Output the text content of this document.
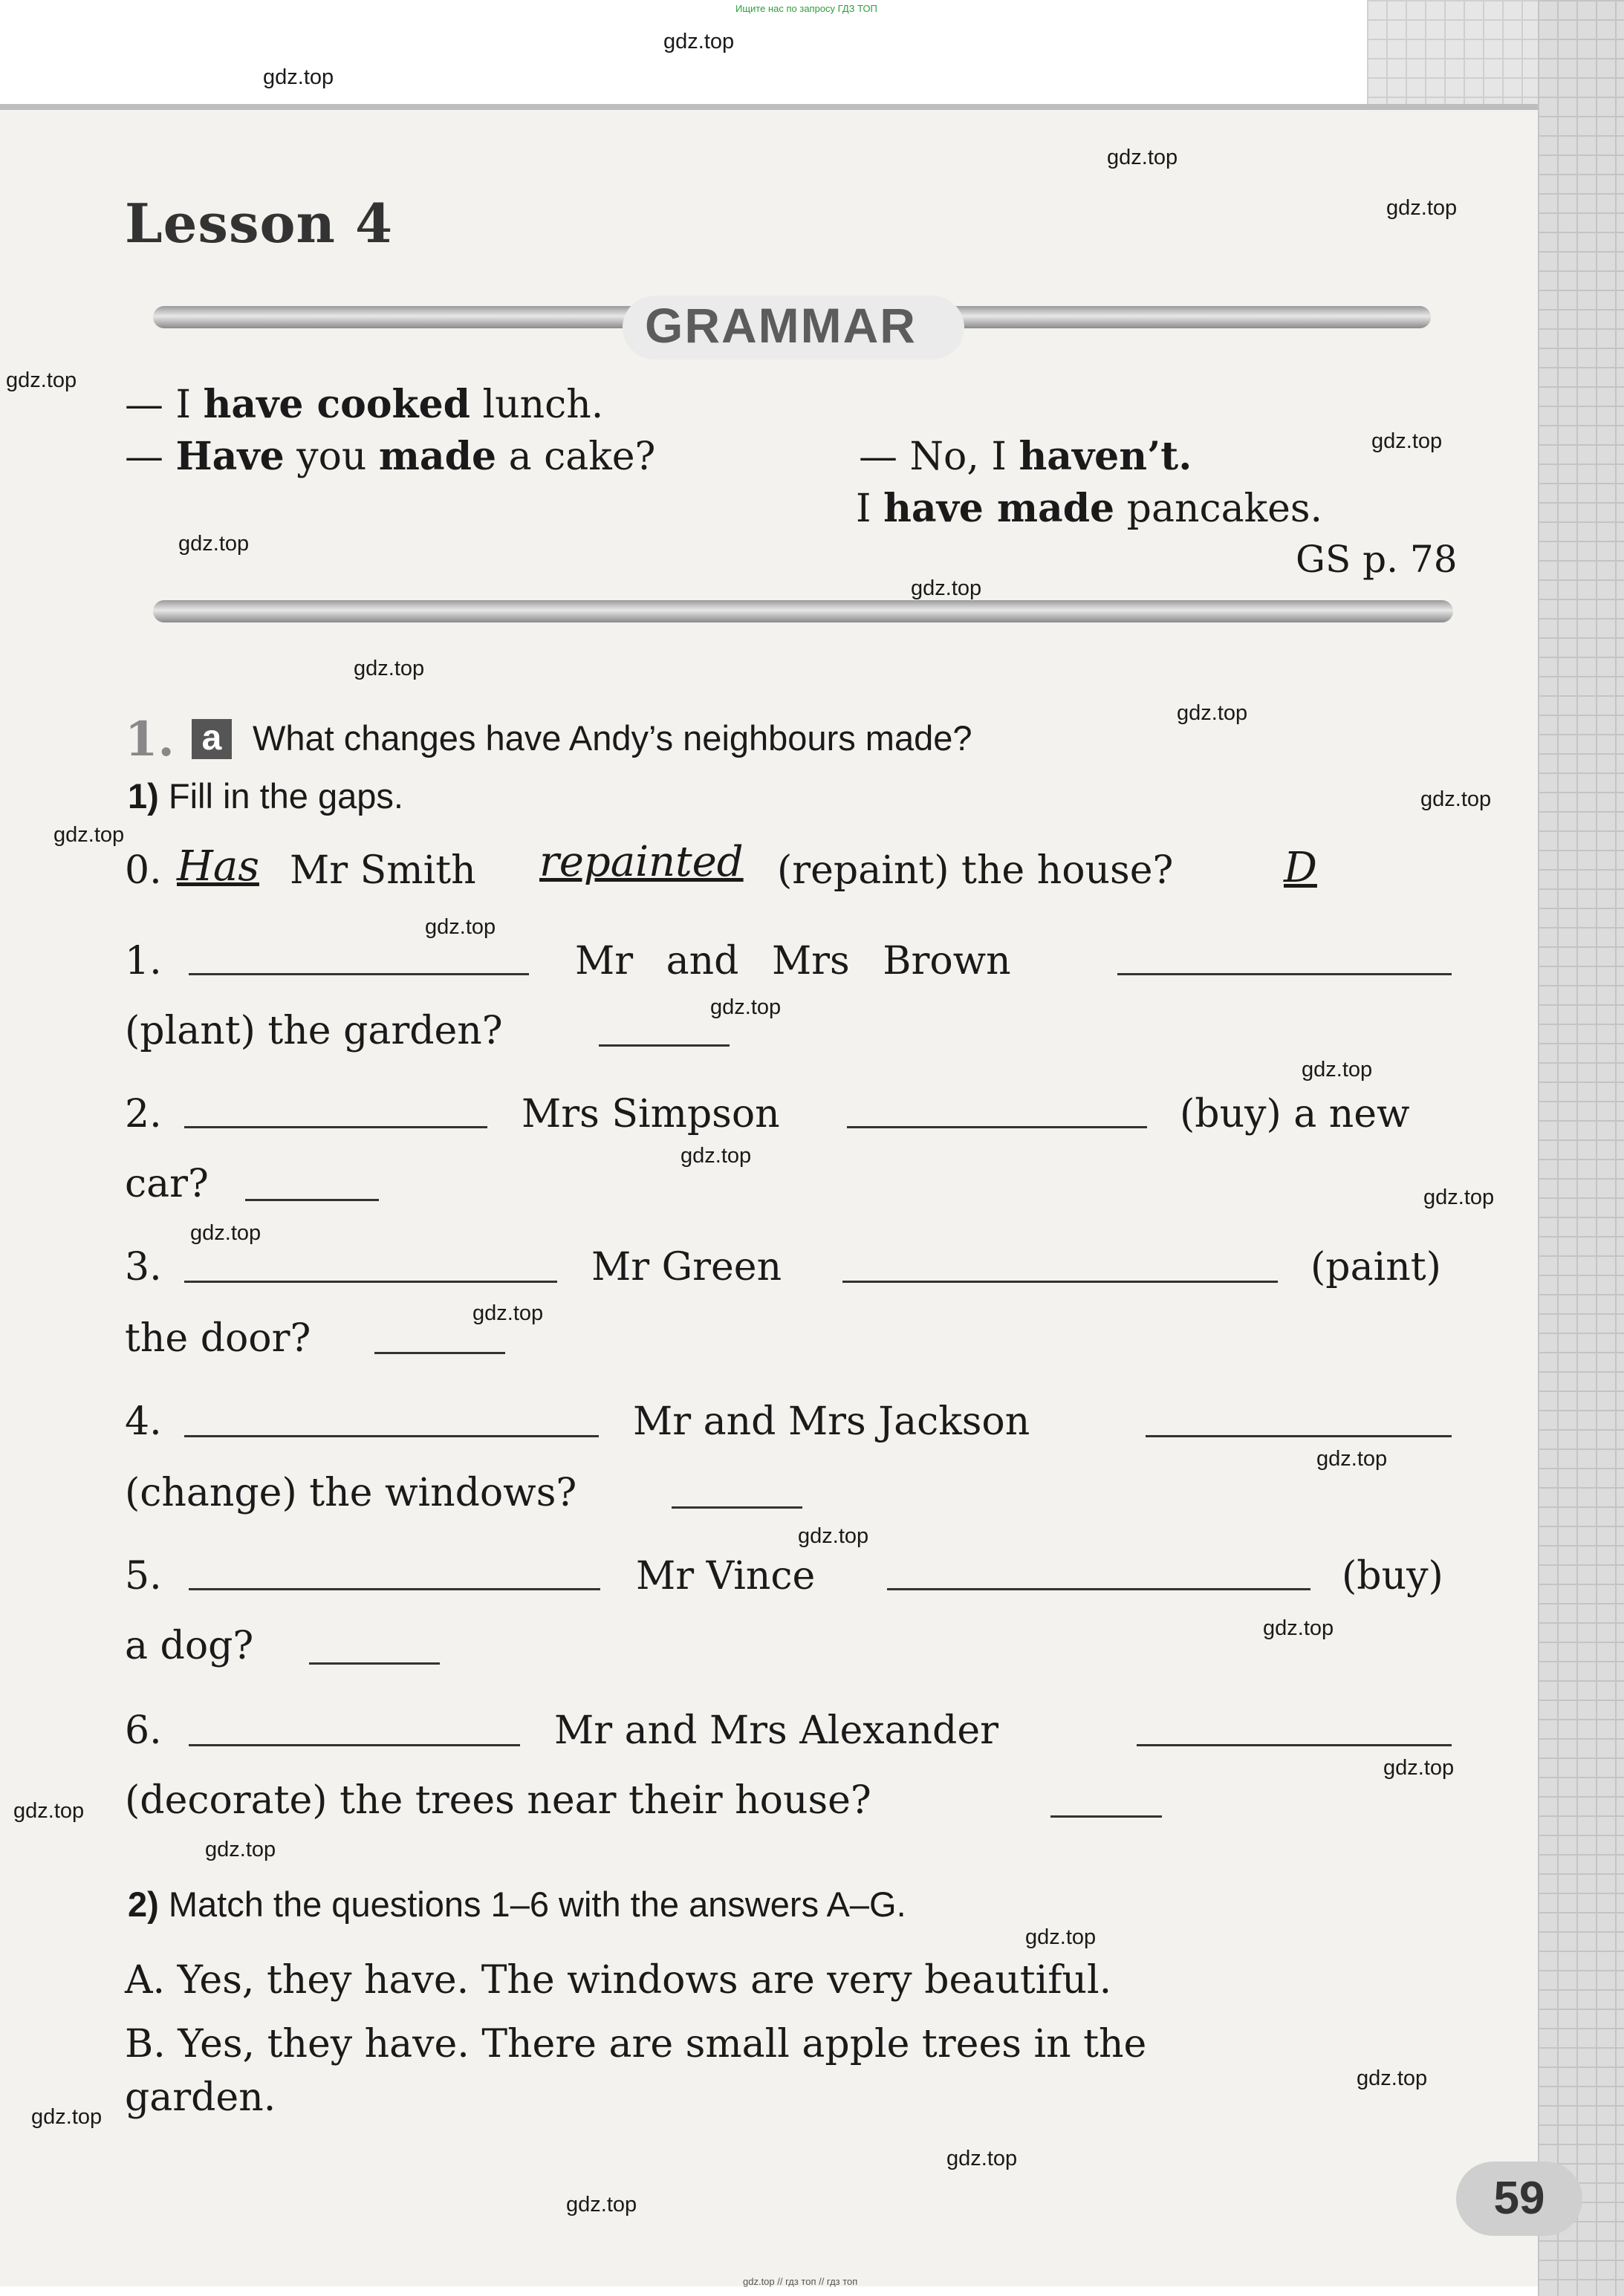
Ищите нас по запросу ГДЗ ТОП
gdz.top
gdz.top
gdz.top
gdz.top
gdz.top
gdz.top
gdz.top
gdz.top
gdz.top
gdz.top
gdz.top
gdz.top
gdz.top
gdz.top
gdz.top
gdz.top
gdz.top
gdz.top
gdz.top
gdz.top
gdz.top
gdz.top
gdz.top
gdz.top
gdz.top
gdz.top
gdz.top
gdz.top
gdz.top
gdz.top
Lesson 4
GRAMMAR
— I have cooked lunch.
— Have you made a cake?	— No, I haven’t.
I have made pancakes.
GS p. 78
1. a What changes have Andy’s neighbours made?
1) Fill in the gaps.
0. Has Mr Smith repainted (repaint) the house?	D
1.	Mr and Mrs Brown
(plant) the garden?
2.	Mrs Simpson	(buy) a new
car?
3.	Mr Green	(paint)
the door?
4.	Mr and Mrs Jackson
(change) the windows?
5.	Mr Vince	(buy)
a dog?
6.	Mr and Mrs Alexander
(decorate) the trees near their house?
2) Match the questions 1–6 with the answers A–G.
A. Yes, they have. The windows are very beautiful.
B. Yes, they have. There are small apple trees in the
garden.
59
gdz.top // гдз топ // гдз топ
